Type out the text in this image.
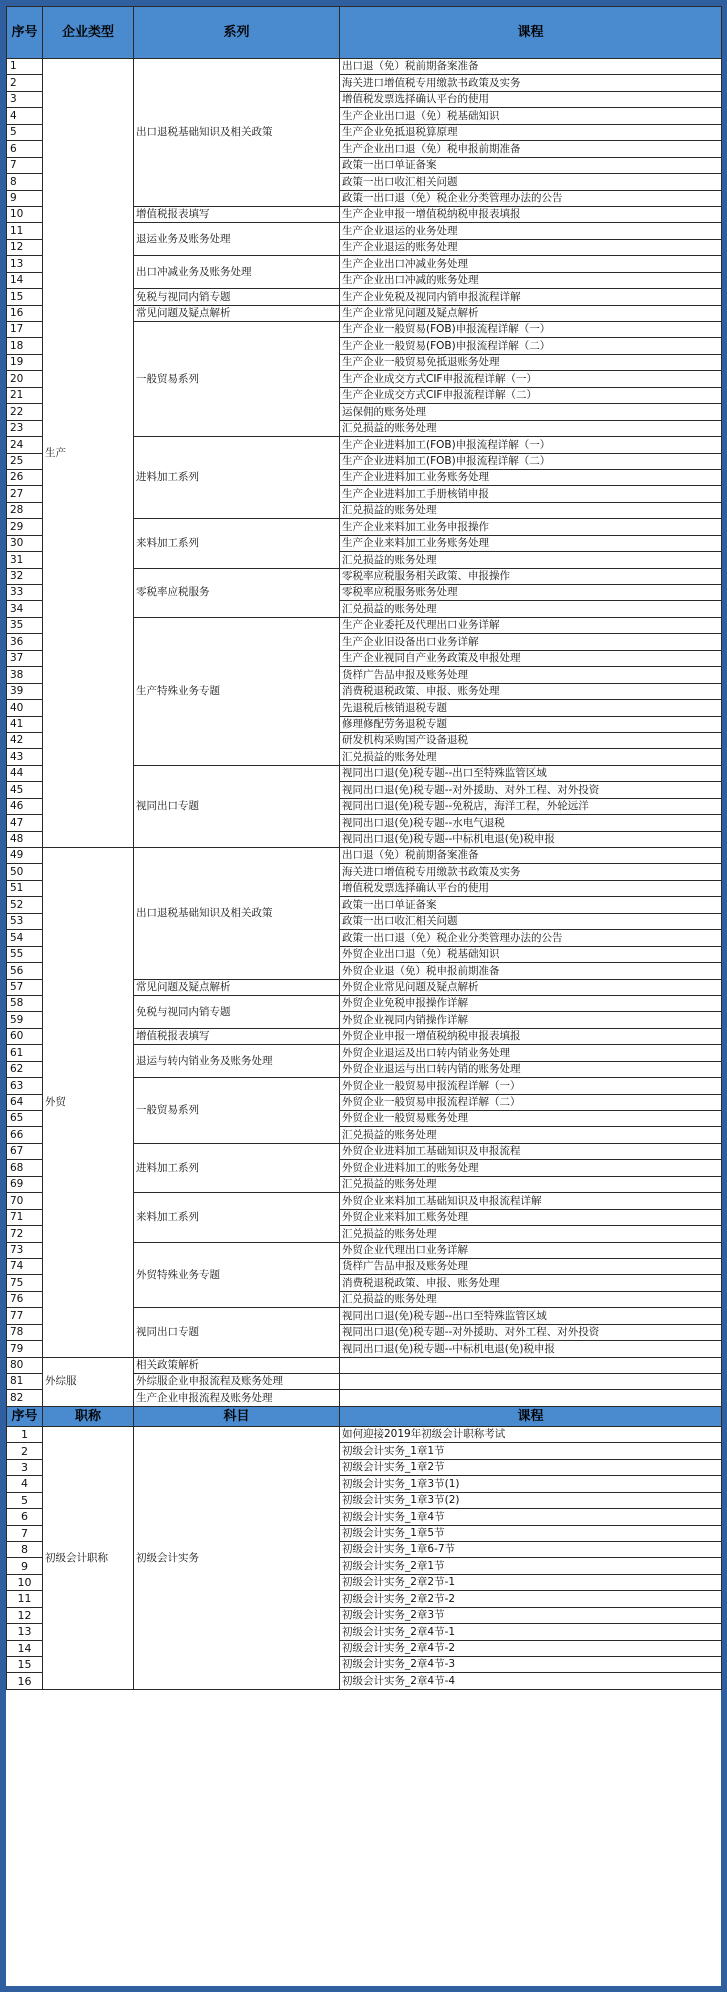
序号	企业类型	系列	课程
1	生产	出口退税基础知识及相关政策	出口退（免）税前期备案准备
2			海关进口增值税专用缴款书政策及实务
3			增值税发票选择确认平台的使用
4			生产企业出口退（免）税基础知识
5			生产企业免抵退税算原理
6			生产企业出口退（免）税申报前期准备
7			政策一出口单证备案
8			政策一出口收汇相关问题
9			政策一出口退（免）税企业分类管理办法的公告
10		增值税报表填写	生产企业申报一增值税纳税申报表填报
11		退运业务及账务处理	生产企业退运的业务处理
12			生产企业退运的账务处理
13		出口冲减业务及账务处理	生产企业出口冲减业务处理
14			生产企业出口冲减的账务处理
15		免税与视同内销专题	生产企业免税及视同内销申报流程详解
16		常见问题及疑点解析	生产企业常见问题及疑点解析
17		一般贸易系列	生产企业一般贸易(FOB)申报流程详解（一）
18			生产企业一般贸易(FOB)申报流程详解（二）
19			生产企业一般贸易免抵退账务处理
20			生产企业成交方式CIF申报流程详解（一）
21			生产企业成交方式CIF申报流程详解（二）
22			运保佣的账务处理
23			汇兑损益的账务处理
24		进料加工系列	生产企业进料加工(FOB)申报流程详解（一）
25			生产企业进料加工(FOB)申报流程详解（二）
26			生产企业进料加工业务账务处理
27			生产企业进料加工手册核销申报
28			汇兑损益的账务处理
29		来料加工系列	生产企业来料加工业务申报操作
30			生产企业来料加工业务账务处理
31			汇兑损益的账务处理
32		零税率应税服务	零税率应税服务相关政策、申报操作
33			零税率应税服务账务处理
34			汇兑损益的账务处理
35		生产特殊业务专题	生产企业委托及代理出口业务详解
36			生产企业旧设备出口业务详解
37			生产企业视同自产业务政策及申报处理
38			货样广告品申报及账务处理
39			消费税退税政策、申报、账务处理
40			先退税后核销退税专题
41			修理修配劳务退税专题
42			研发机构采购国产设备退税
43			汇兑损益的账务处理
44		视同出口专题	视同出口退(免)税专题--出口至特殊监管区域
45			视同出口退(免)税专题--对外援助、对外工程、对外投资
46			视同出口退(免)税专题--免税店，海洋工程，外轮远洋
47			视同出口退(免)税专题--水电气退税
48			视同出口退(免)税专题--中标机电退(免)税申报
49	外贸	出口退税基础知识及相关政策	出口退（免）税前期备案准备
50			海关进口增值税专用缴款书政策及实务
51			增值税发票选择确认平台的使用
52			政策一出口单证备案
53			政策一出口收汇相关问题
54			政策一出口退（免）税企业分类管理办法的公告
55			外贸企业出口退（免）税基础知识
56			外贸企业退（免）税申报前期准备
57		常见问题及疑点解析	外贸企业常见问题及疑点解析
58		免税与视同内销专题	外贸企业免税申报操作详解
59			外贸企业视同内销操作详解
60		增值税报表填写	外贸企业申报一增值税纳税申报表填报
61		退运与转内销业务及账务处理	外贸企业退运及出口转内销业务处理
62			外贸企业退运与出口转内销的账务处理
63		一般贸易系列	外贸企业一般贸易申报流程详解（一）
64			外贸企业一般贸易申报流程详解（二）
65			外贸企业一般贸易账务处理
66			汇兑损益的账务处理
67		进料加工系列	外贸企业进料加工基础知识及申报流程
68			外贸企业进料加工的账务处理
69			汇兑损益的账务处理
70		来料加工系列	外贸企业来料加工基础知识及申报流程详解
71			外贸企业来料加工账务处理
72			汇兑损益的账务处理
73		外贸特殊业务专题	外贸企业代理出口业务详解
74			货样广告品申报及账务处理
75			消费税退税政策、申报、账务处理
76			汇兑损益的账务处理
77		视同出口专题	视同出口退(免)税专题--出口至特殊监管区域
78			视同出口退(免)税专题--对外援助、对外工程、对外投资
79			视同出口退(免)税专题--中标机电退(免)税申报
80	外综服	相关政策解析	
81		外综服企业申报流程及账务处理	
82		生产企业申报流程及账务处理	
序号	职称	科目	课程
1	初级会计职称	初级会计实务	如何迎接2019年初级会计职称考试
2			初级会计实务_1章1节
3			初级会计实务_1章2节
4			初级会计实务_1章3节(1)
5			初级会计实务_1章3节(2)
6			初级会计实务_1章4节
7			初级会计实务_1章5节
8			初级会计实务_1章6-7节
9			初级会计实务_2章1节
10			初级会计实务_2章2节-1
11			初级会计实务_2章2节-2
12			初级会计实务_2章3节
13			初级会计实务_2章4节-1
14			初级会计实务_2章4节-2
15			初级会计实务_2章4节-3
16			初级会计实务_2章4节-4
